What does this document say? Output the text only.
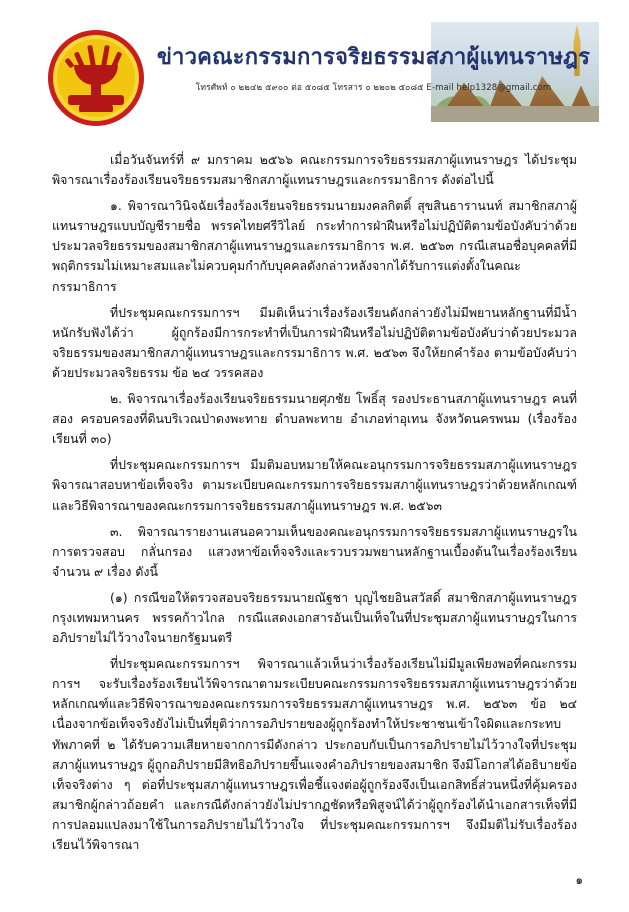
ข่าวคณะกรรมการจริยธรรมสภาผู้แทนราษฎร
โทรศัพท์ ๐ ๒๒๔๒ ๕๙๐๐ ต่อ ๕๐๘๕ โทรสาร ๐ ๒๒๐๒ ๕๐๘๕ E-mail help1328@gmail.com

เมื่อวันจันทร์ที่ ๙ มกราคม ๒๕๖๖ คณะกรรมการจริยธรรมสภาผู้แทนราษฎร ได้ประชุมพิจารณาเรื่องร้องเรียนจริยธรรมสมาชิกสภาผู้แทนราษฎรและกรรมาธิการ ดังต่อไปนี้

๑. พิจารณาวินิจฉัยเรื่องร้องเรียนจริยธรรมนายมงคลกิตติ์ สุขสินธารานนท์ สมาชิกสภาผู้แทนราษฎรแบบบัญชีรายชื่อ พรรคไทยศรีวิไลย์ กระทำการฝ่าฝืนหรือไม่ปฏิบัติตามข้อบังคับว่าด้วยประมวลจริยธรรมของสมาชิกสภาผู้แทนราษฎรและกรรมาธิการ พ.ศ. ๒๕๖๓ กรณีเสนอชื่อบุคคลที่มีพฤติกรรมไม่เหมาะสมและไม่ควบคุมกำกับบุคคลดังกล่าวหลังจากได้รับการแต่งตั้งในคณะกรรมาธิการ

ที่ประชุมคณะกรรมการฯ มีมติเห็นว่าเรื่องร้องเรียนดังกล่าวยังไม่มีพยานหลักฐานที่มีน้ำหนักรับฟังได้ว่า ผู้ถูกร้องมีการกระทำที่เป็นการฝ่าฝืนหรือไม่ปฏิบัติตามข้อบังคับว่าด้วยประมวลจริยธรรมของสมาชิกสภาผู้แทนราษฎรและกรรมาธิการ พ.ศ. ๒๕๖๓ จึงให้ยกคำร้อง ตามข้อบังคับว่าด้วยประมวลจริยธรรม ข้อ ๒๔ วรรคสอง

๒. พิจารณาเรื่องร้องเรียนจริยธรรมนายศุภชัย โพธิ์สุ รองประธานสภาผู้แทนราษฎร คนที่สอง ครอบครองที่ดินบริเวณป่าดงพะทาย ตำบลพะทาย อำเภอท่าอุเทน จังหวัดนครพนม (เรื่องร้องเรียนที่ ๓๐)

ที่ประชุมคณะกรรมการฯ มีมติมอบหมายให้คณะอนุกรรมการจริยธรรมสภาผู้แทนราษฎรพิจารณาสอบหาข้อเท็จจริง ตามระเบียบคณะกรรมการจริยธรรมสภาผู้แทนราษฎรว่าด้วยหลักเกณฑ์ และวิธีพิจารณาของคณะกรรมการจริยธรรมสภาผู้แทนราษฎร พ.ศ. ๒๕๖๓

๓. พิจารณารายงานเสนอความเห็นของคณะอนุกรรมการจริยธรรมสภาผู้แทนราษฎรในการตรวจสอบ กลั่นกรอง แสวงหาข้อเท็จจริงและรวบรวมพยานหลักฐานเบื้องต้นในเรื่องร้องเรียน จำนวน ๙ เรื่อง ดังนี้

(๑) กรณีขอให้ตรวจสอบจริยธรรมนายณัฐชา บุญไชยอินสวัสดิ์ สมาชิกสภาผู้แทนราษฎรกรุงเทพมหานคร พรรคก้าวไกล กรณีแสดงเอกสารอันเป็นเท็จในที่ประชุมสภาผู้แทนราษฎรในการอภิปรายไม่ไว้วางใจนายกรัฐมนตรี

ที่ประชุมคณะกรรมการฯ พิจารณาแล้วเห็นว่าเรื่องร้องเรียนไม่มีมูลเพียงพอที่คณะกรรมการฯ จะรับเรื่องร้องเรียนไว้พิจารณาตามระเบียบคณะกรรมการจริยธรรมสภาผู้แทนราษฎรว่าด้วยหลักเกณฑ์และวิธีพิจารณาของคณะกรรมการจริยธรรมสภาผู้แทนราษฎร พ.ศ. ๒๕๖๓ ข้อ ๒๔ เนื่องจากข้อเท็จจริงยังไม่เป็นที่ยุติว่าการอภิปรายของผู้ถูกร้องทำให้ประชาชนเข้าใจผิดและกระทบทัพภาคที่ ๒ ได้รับความเสียหายจากการมีดังกล่าว ประกอบกับเป็นการอภิปรายไม่ไว้วางใจที่ประชุมสภาผู้แทนราษฎร ผู้ถูกอภิปรายมีสิทธิอภิปรายขึ้นแจงคำอภิปรายของสมาชิก จึงมีโอกาสได้อธิบายข้อเท็จจริงต่าง ๆ ต่อที่ประชุมสภาผู้แทนราษฎรเพื่อชี้แจงต่อผู้ถูกร้องจึงเป็นเอกสิทธิ์ส่วนหนึ่งที่คุ้มครองสมาชิกผู้กล่าวถ้อยคำ และกรณีดังกล่าวยังไม่ปรากฏชัดหรือพิสูจน์ได้ว่าผู้ถูกร้องได้นำเอกสารเท็จที่มีการปลอมแปลงมาใช้ในการอภิปรายไม่ไว้วางใจ ที่ประชุมคณะกรรมการฯ จึงมีมติไม่รับเรื่องร้องเรียนไว้พิจารณา

๑
